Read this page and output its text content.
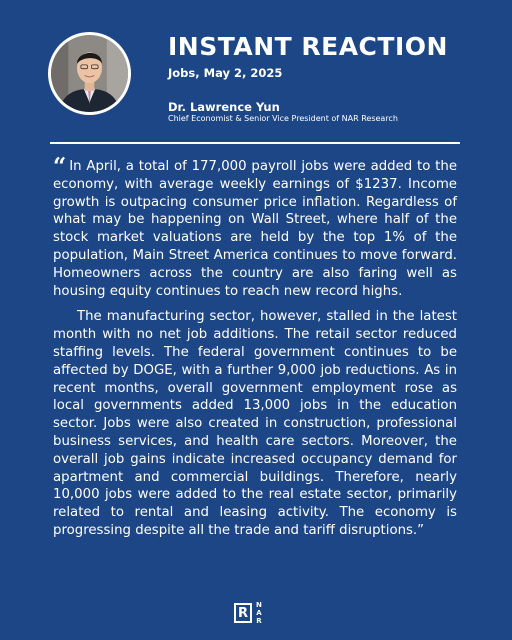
INSTANT REACTION
Jobs, May 2, 2025
Dr. Lawrence Yun
Chief Economist & Senior Vice President of NAR Research

“ In April, a total of 177,000 payroll jobs were added to the economy, with average weekly earnings of $1237. Income growth is outpacing consumer price inflation. Regardless of what may be happening on Wall Street, where half of the stock market valuations are held by the top 1% of the population, Main Street America continues to move forward. Homeowners across the country are also faring well as housing equity continues to reach new record highs.

The manufacturing sector, however, stalled in the latest month with no net job additions. The retail sector reduced staffing levels. The federal government continues to be affected by DOGE, with a further 9,000 job reductions. As in recent months, overall government employment rose as local governments added 13,000 jobs in the education sector. Jobs were also created in construction, professional business services, and health care sectors. Moreover, the overall job gains indicate increased occupancy demand for apartment and commercial buildings. Therefore, nearly 10,000 jobs were added to the real estate sector, primarily related to rental and leasing activity. The economy is progressing despite all the trade and tariff disruptions.”

R
N
A
R
